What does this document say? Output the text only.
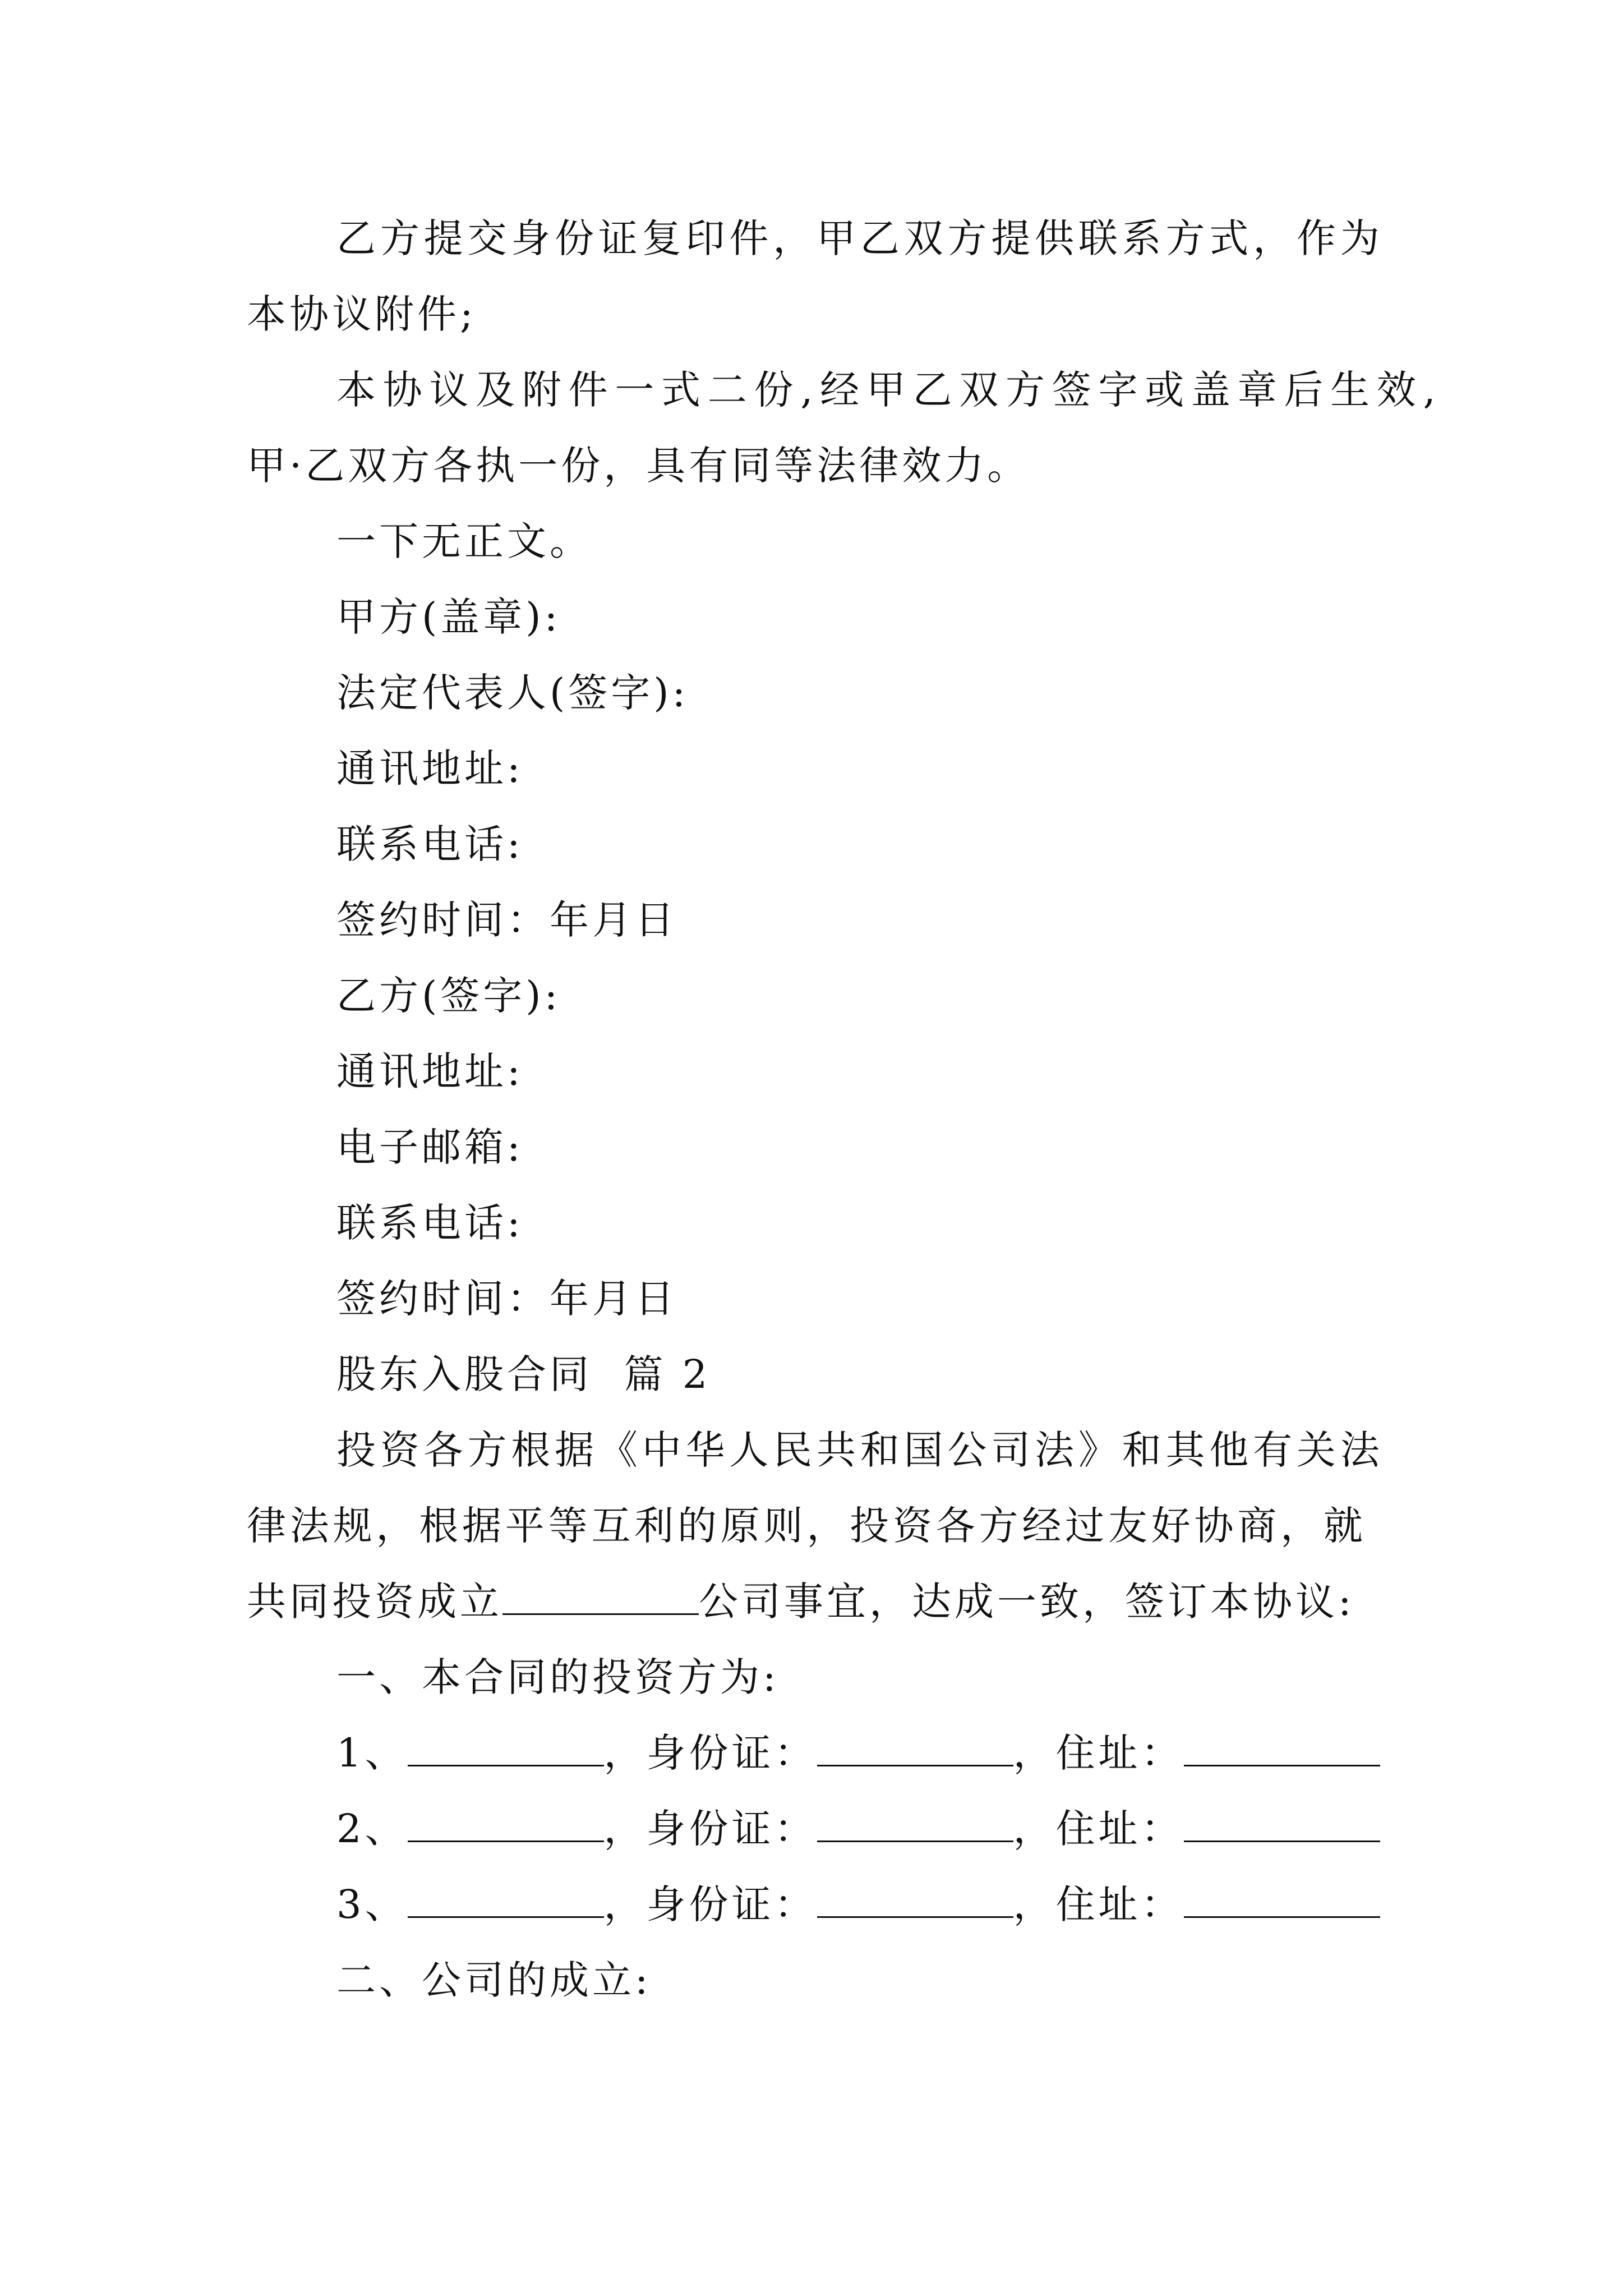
乙 方 提 交 身 份 证 复 印 件 ， 甲 乙 双 方 提 供 联 系 方 式 ， 作 为
本协议附件;
本 协 议 及 附 件 一 式 二 份 , 经 甲 乙 双 方 签 字 或 盖 章 后 生 效 ,
甲·乙双方各执一份，具有同等法律效力。
一下无正文。
甲方(盖章):
法定代表人(签字):
通讯地址:
联系电话:
签约时间：年月日
乙方(签字):
通讯地址:
电子邮箱:
联系电话:
签约时间：年月日
股东入股合同  篇 2
投 资 各 方 根 据 《 中 华 人 民 共 和 国 公 司 法 》 和 其 他 有 关 法
律 法 规 ， 根 据 平 等 互 利 的 原 则 ， 投 资 各 方 经 过 友 好 协 商 ， 就
共同投资成立	公司事宜，达成一致，签订本协议:
一、本合同的投资方为:
1、	，身份证：	，住址：
2、	，身份证：	，住址：
3、	，身份证：	，住址：
二、公司的成立:
